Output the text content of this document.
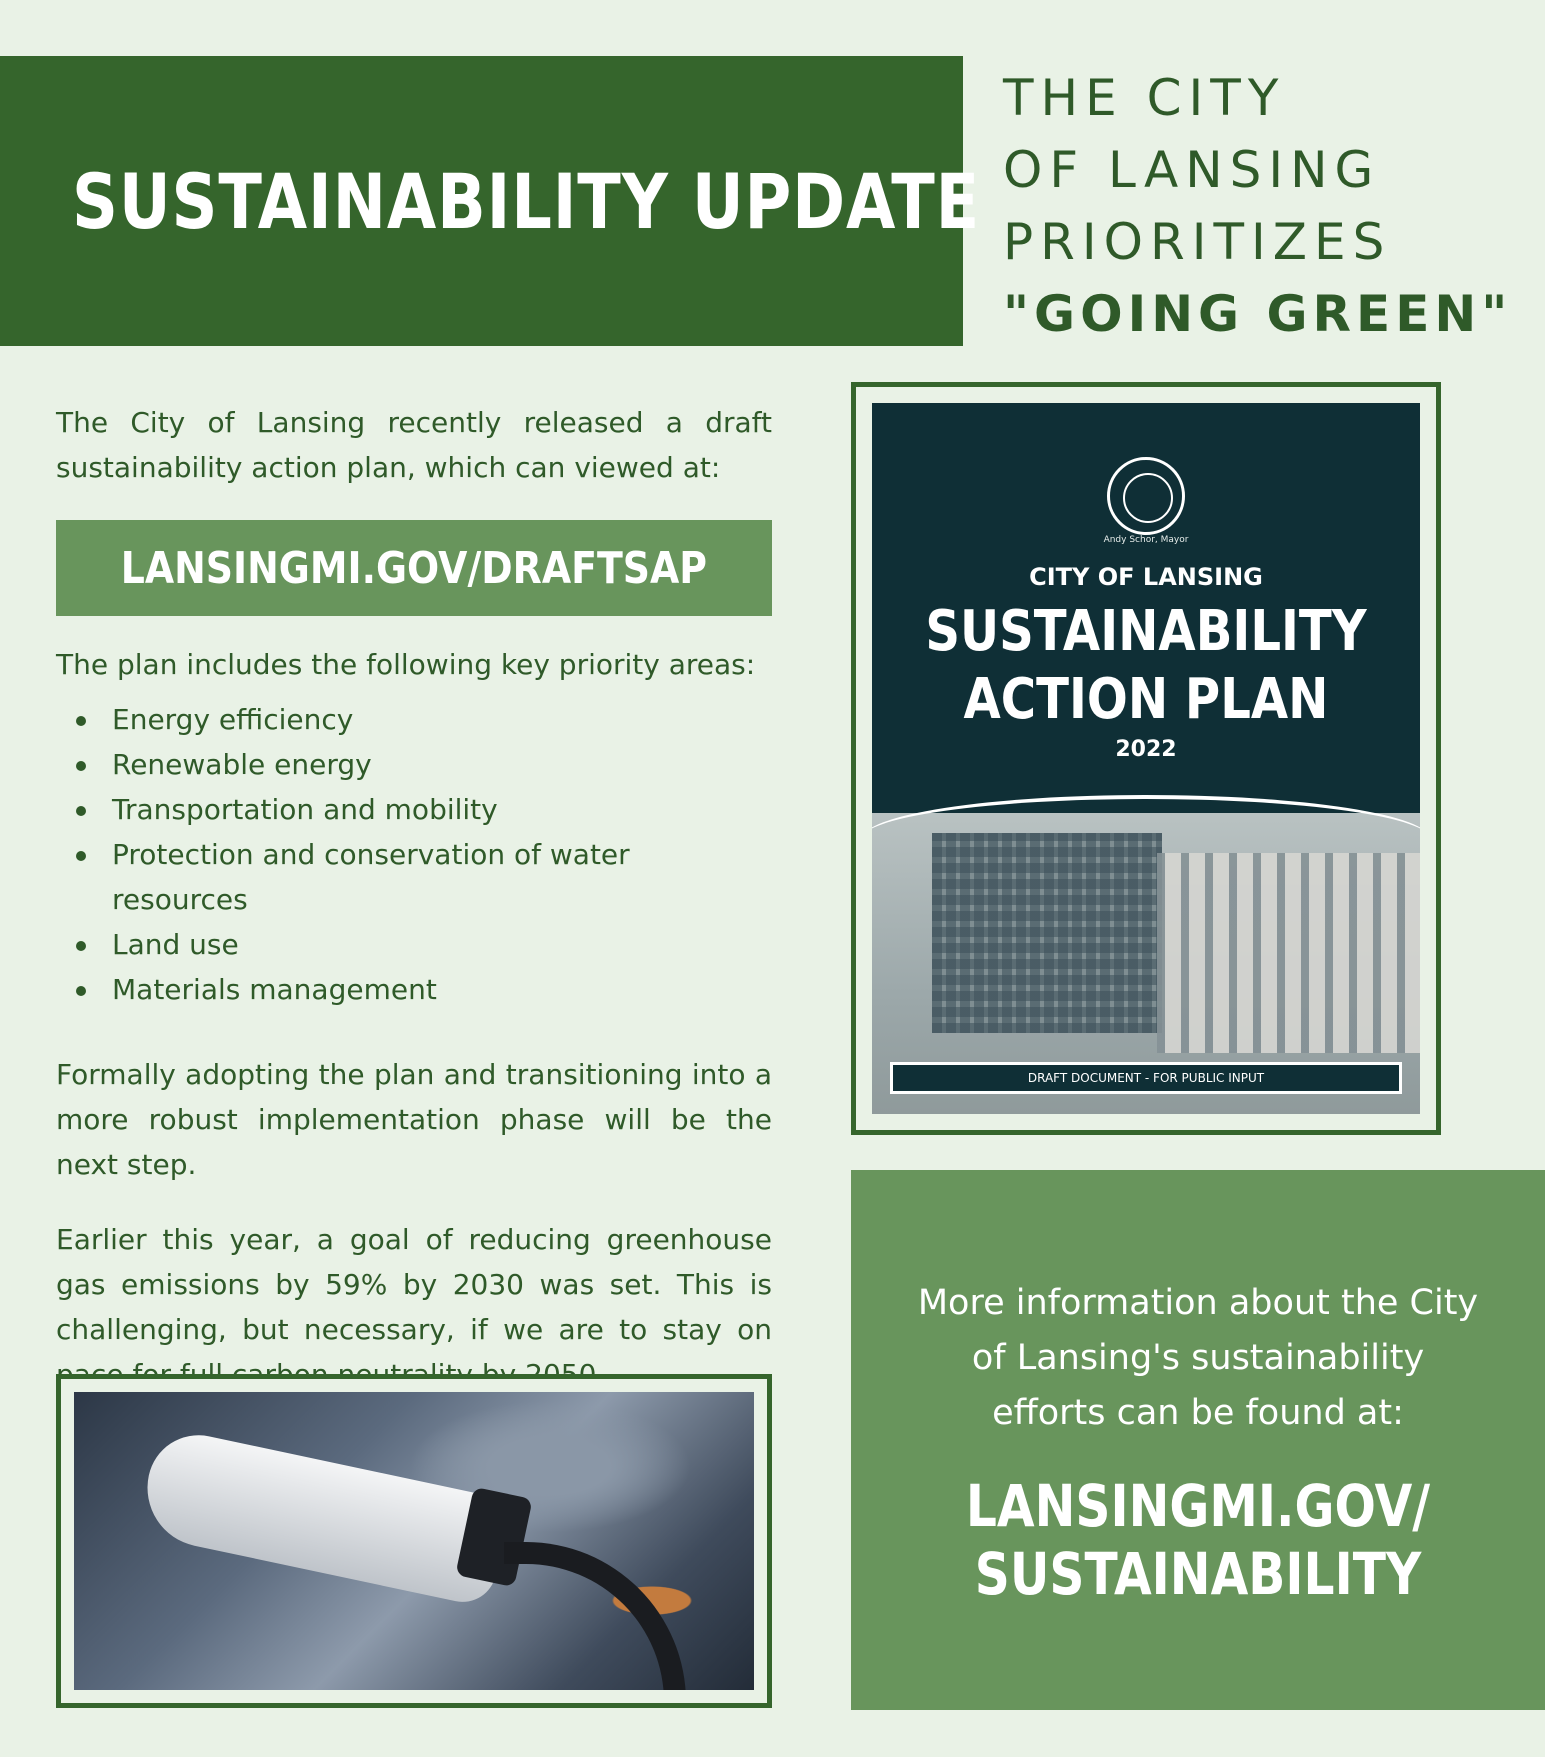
SUSTAINABILITY UPDATE
THE CITY
OF LANSING
PRIORITIZES
"GOING GREEN"

The City of Lansing recently released a draft sustainability action plan, which can viewed at:

LANSINGMI.GOV/DRAFTSAP

The plan includes the following key priority areas:

Energy efficiency
Renewable energy
Transportation and mobility
Protection and conservation of water resources
Land use
Materials management

Formally adopting the plan and transitioning into a more robust implementation phase will be the next step.

Earlier this year, a goal of reducing greenhouse gas emissions by 59% by 2030 was set. This is challenging, but necessary, if we are to stay on

Andy Schor, Mayor
CITY OF LANSING
SUSTAINABILITY
ACTION PLAN
2022
DRAFT DOCUMENT - FOR PUBLIC INPUT
More information about the City of Lansing's sustainability efforts can be found at:
LANSINGMI.GOV/
SUSTAINABILITY
